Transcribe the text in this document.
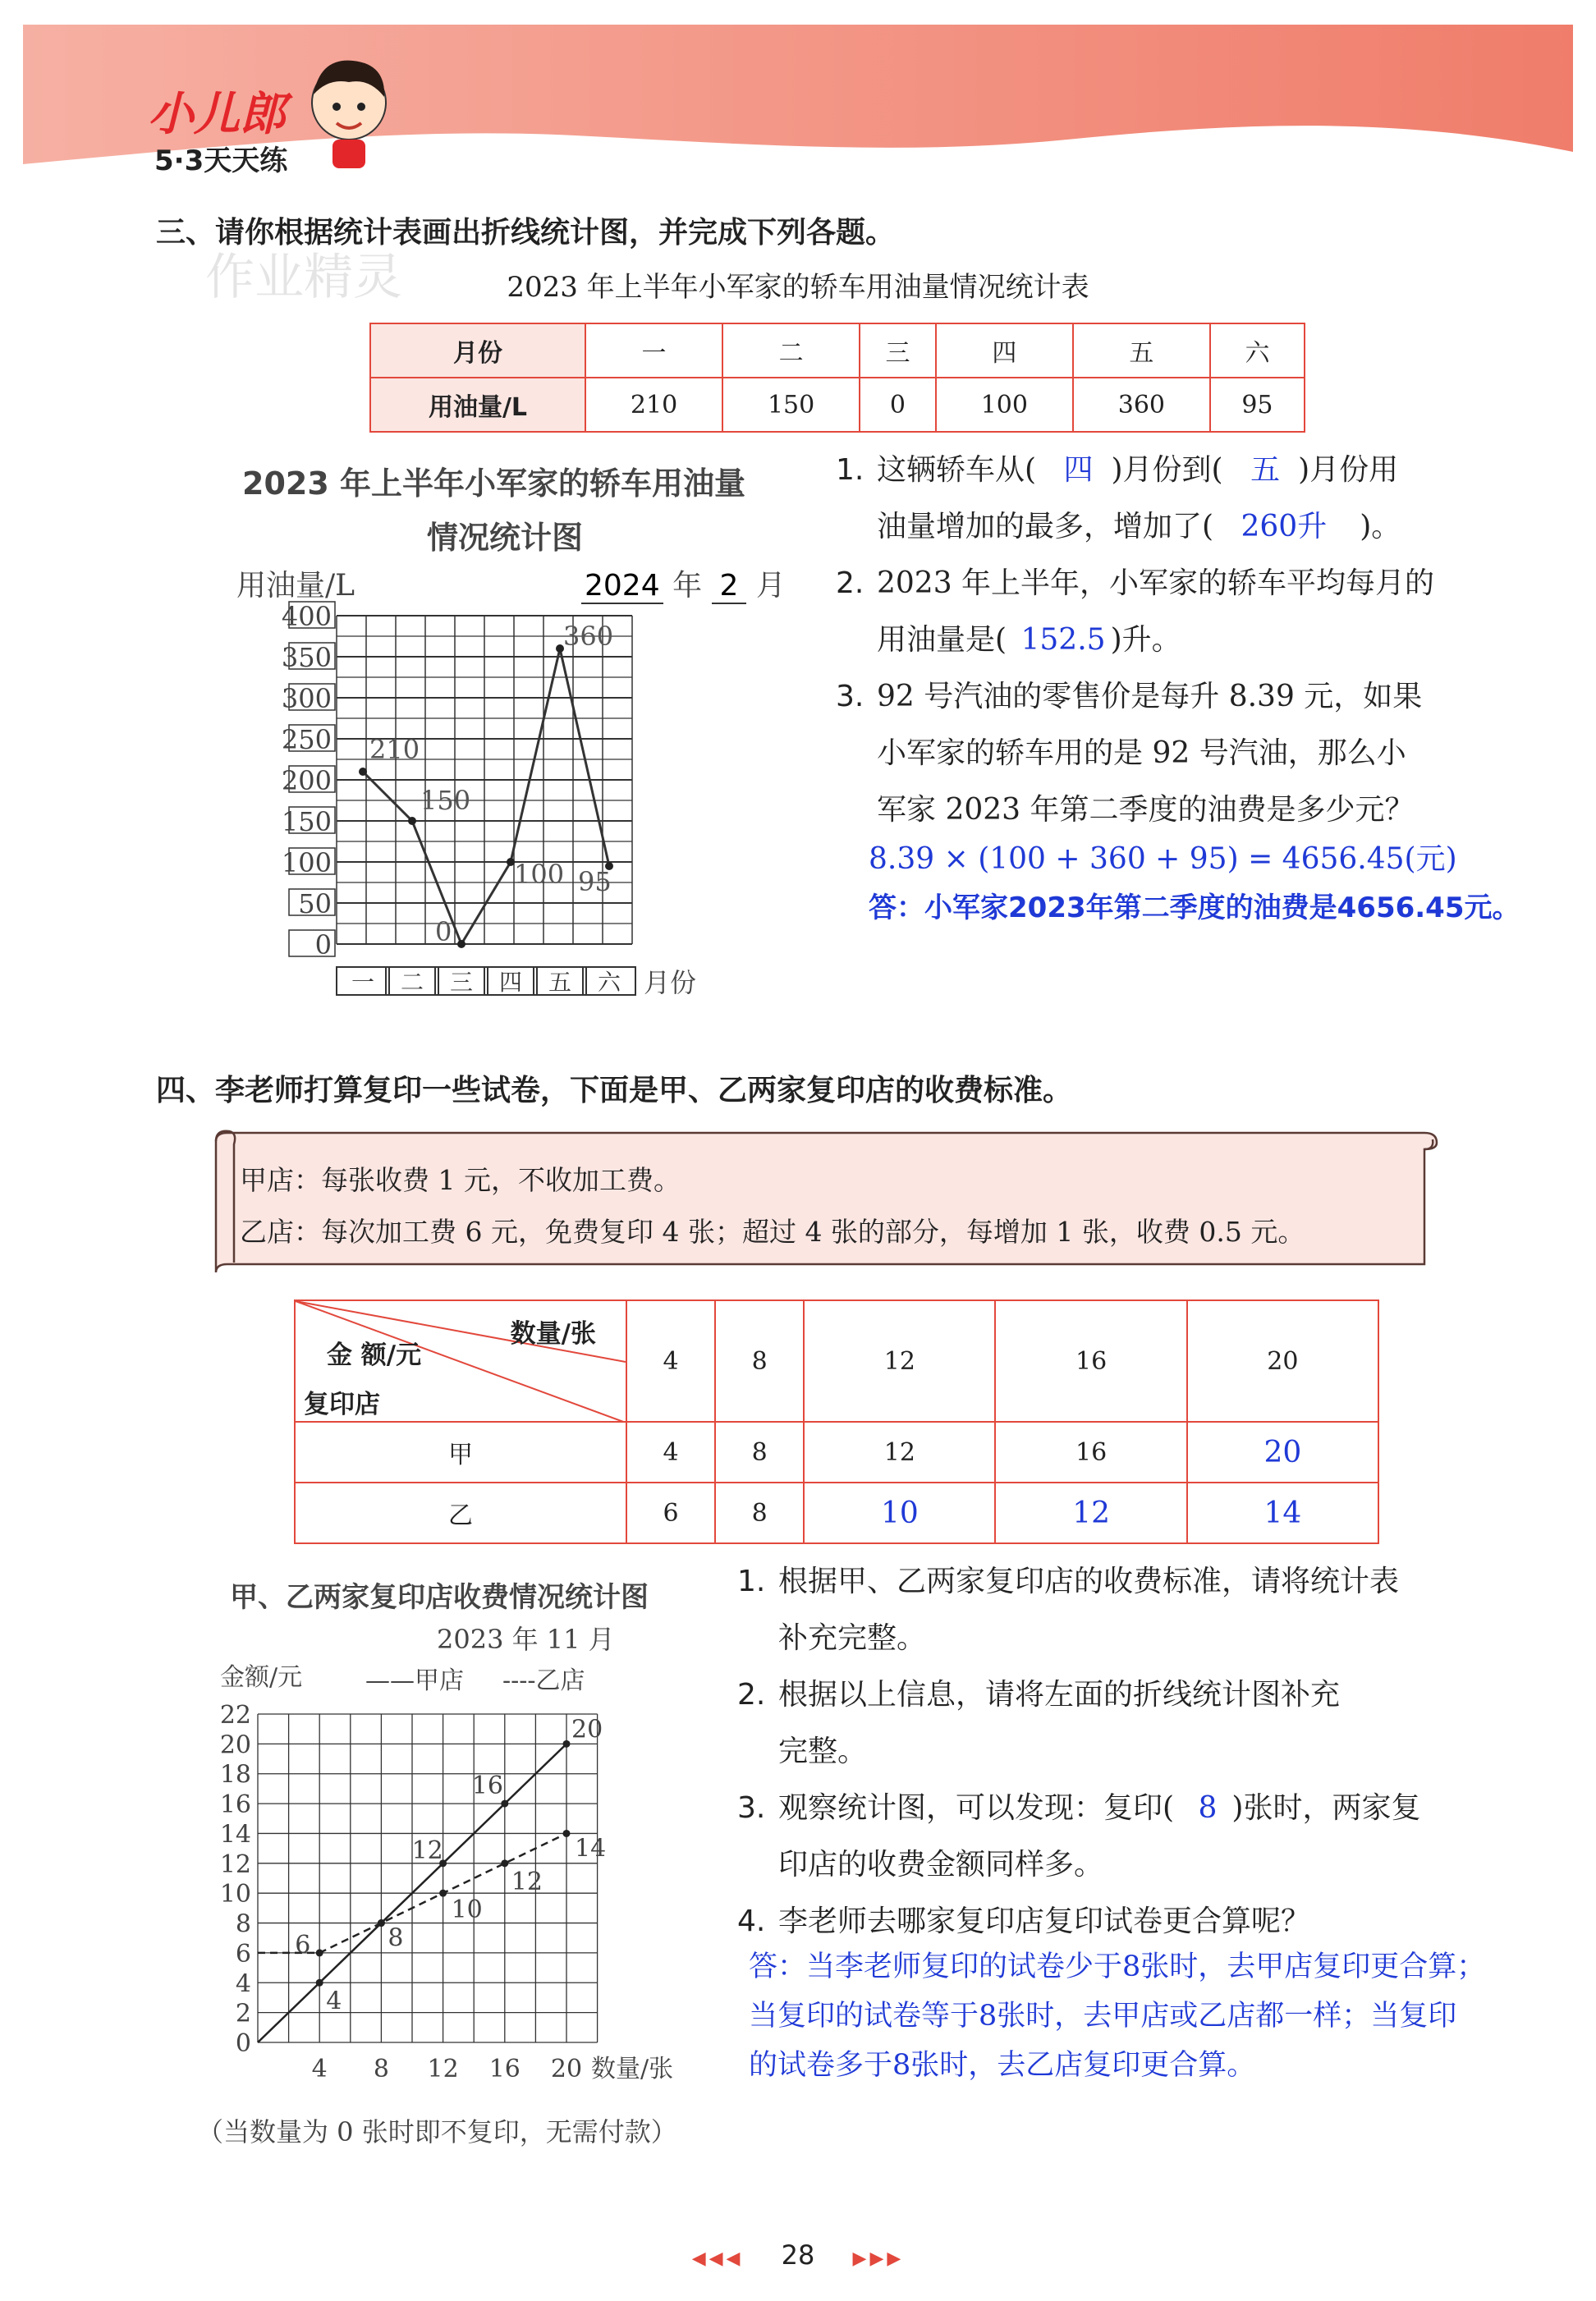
小儿郎
5·3天天练
三、请你根据统计表画出折线统计图，并完成下列各题。
作业精灵	2023 年上半年小军家的轿车用油量情况统计表
月份	一	二	三	四	五	六
用油量/L	210	150	0	100	360	95
2023 年上半年小军家的轿车用油量
情况统计图
用油量/L	2024 年 2 月
0
50
100
150
200
250
300
350
400
一 二 三 四 五 六 月份
210
150
0
100
360
95
1. 这辆轿车从( 四 )月份到( 五 )月份用
油量增加的最多，增加了( 260升 )。
2. 2023 年上半年，小军家的轿车平均每月的
用油量是( 152.5 )升。
3. 92 号汽油的零售价是每升 8.39 元，如果
小军家的轿车用的是 92 号汽油，那么小
军家 2023 年第二季度的油费是多少元？
8.39 × (100 + 360 + 95) = 4656.45(元)
答：小军家2023年第二季度的油费是4656.45元。
四、李老师打算复印一些试卷，下面是甲、乙两家复印店的收费标准。
甲店：每张收费 1 元，不收加工费。
乙店：每次加工费 6 元，免费复印 4 张；超过 4 张的部分，每增加 1 张，收费 0.5 元。
数量/张
金 额/元
复印店	4	8	12	16	20
甲	4	8	12	16	20
乙	6	8	10	12	14
甲、乙两家复印店收费情况统计图
2023 年 11 月
金额/元	——甲店 ----乙店
0
2
4
6
8
10
12
14
16
18
20
22
4 8 12 16 20 数量/张
4
8
12
16
20
6
10
12
14
（当数量为 0 张时即不复印，无需付款）
1. 根据甲、乙两家复印店的收费标准，请将统计表
补充完整。
2. 根据以上信息，请将左面的折线统计图补充
完整。
3. 观察统计图，可以发现：复印( 8 )张时，两家复
印店的收费金额同样多。
4. 李老师去哪家复印店复印试卷更合算呢？
答：当李老师复印的试卷少于8张时，去甲店复印更合算；
当复印的试卷等于8张时，去甲店或乙店都一样；当复印
的试卷多于8张时，去乙店复印更合算。
◀◀◀ 28 ▶▶▶
